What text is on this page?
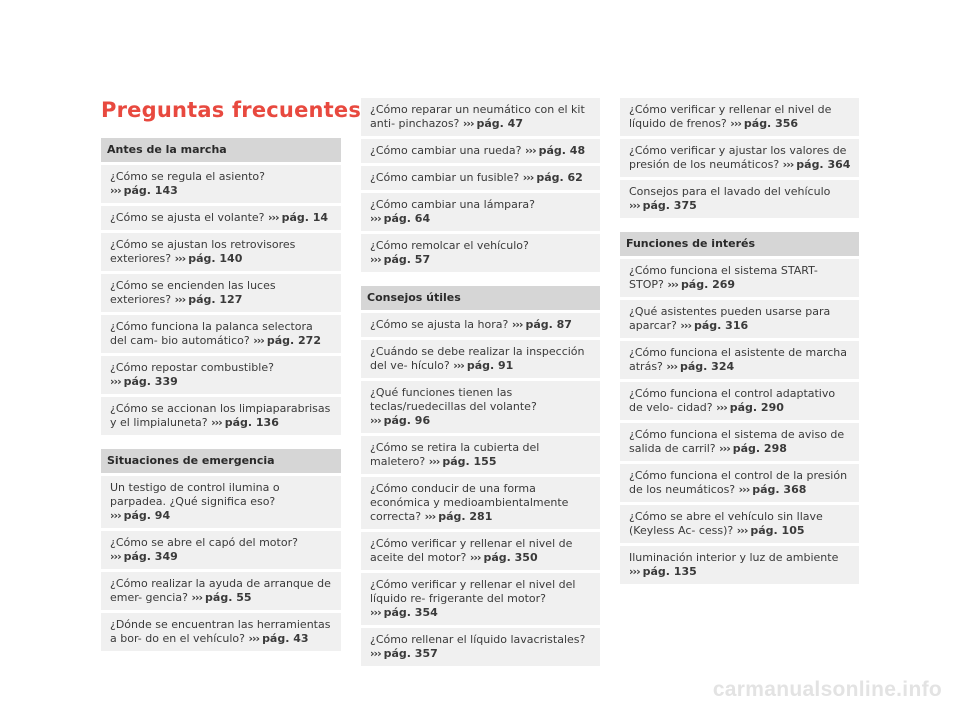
Preguntas frecuentes
Antes de la marcha
¿Cómo se regula el asiento? ››› pág. 143
¿Cómo se ajusta el volante? ››› pág. 14
¿Cómo se ajustan los retrovisores exteriores? ››› pág. 140
¿Cómo se encienden las luces exteriores? ››› pág. 127
¿Cómo funciona la palanca selectora del cam- bio automático? ››› pág. 272
¿Cómo repostar combustible? ››› pág. 339
¿Cómo se accionan los limpiaparabrisas y el limpialuneta? ››› pág. 136
Situaciones de emergencia
Un testigo de control ilumina o parpadea. ¿Qué significa eso? ››› pág. 94
¿Cómo se abre el capó del motor? ››› pág. 349
¿Cómo realizar la ayuda de arranque de emer- gencia? ››› pág. 55
¿Dónde se encuentran las herramientas a bor- do en el vehículo? ››› pág. 43
¿Cómo reparar un neumático con el kit anti- pinchazos? ››› pág. 47
¿Cómo cambiar una rueda? ››› pág. 48
¿Cómo cambiar un fusible? ››› pág. 62
¿Cómo cambiar una lámpara? ››› pág. 64
¿Cómo remolcar el vehículo? ››› pág. 57
Consejos útiles
¿Cómo se ajusta la hora? ››› pág. 87
¿Cuándo se debe realizar la inspección del ve- hículo? ››› pág. 91
¿Qué funciones tienen las teclas/ruedecillas del volante? ››› pág. 96
¿Cómo se retira la cubierta del maletero? ››› pág. 155
¿Cómo conducir de una forma económica y medioambientalmente correcta? ››› pág. 281
¿Cómo verificar y rellenar el nivel de aceite del motor? ››› pág. 350
¿Cómo verificar y rellenar el nivel del líquido re- frigerante del motor? ››› pág. 354
¿Cómo rellenar el líquido lavacristales? ››› pág. 357
¿Cómo verificar y rellenar el nivel de líquido de frenos? ››› pág. 356
¿Cómo verificar y ajustar los valores de presión de los neumáticos? ››› pág. 364
Consejos para el lavado del vehículo ››› pág. 375
Funciones de interés
¿Cómo funciona el sistema START-STOP? ››› pág. 269
¿Qué asistentes pueden usarse para aparcar? ››› pág. 316
¿Cómo funciona el asistente de marcha atrás? ››› pág. 324
¿Cómo funciona el control adaptativo de velo- cidad? ››› pág. 290
¿Cómo funciona el sistema de aviso de salida de carril? ››› pág. 298
¿Cómo funciona el control de la presión de los neumáticos? ››› pág. 368
¿Cómo se abre el vehículo sin llave (Keyless Ac- cess)? ››› pág. 105
Iluminación interior y luz de ambiente ››› pág. 135
carmanualsonline.info
